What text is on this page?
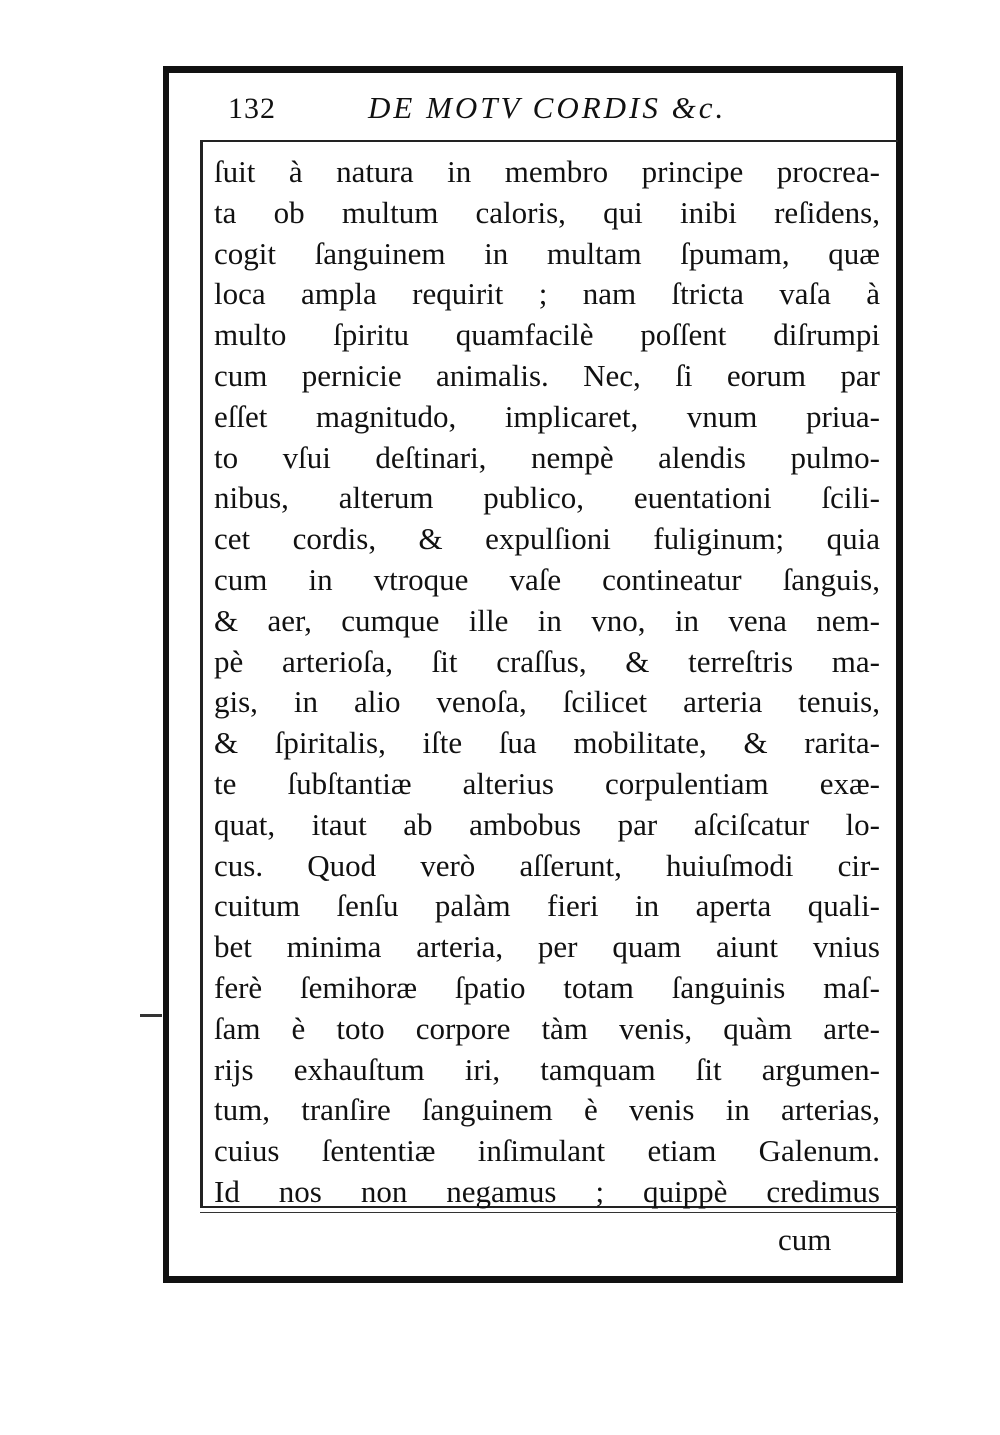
132	DE MOTV CORDIS &c.
ſuit à natura in membro principe procrea-
ta ob multum caloris, qui inibi reſidens,
cogit ſanguinem in multam ſpumam, quæ
loca ampla requirit ; nam ſtricta vaſa à
multo ſpiritu quamfacilè poſſent diſrumpi
cum pernicie animalis. Nec, ſi eorum par
eſſet magnitudo, implicaret, vnum priua-
to vſui deſtinari, nempè alendis pulmo-
nibus, alterum publico, euentationi ſcili-
cet cordis, & expulſioni fuliginum; quia
cum in vtroque vaſe contineatur ſanguis,
& aer, cumque ille in vno, in vena nem-
pè arterioſa, ſit craſſus, & terreſtris ma-
gis, in alio venoſa, ſcilicet arteria tenuis,
& ſpiritalis, iſte ſua mobilitate, & rarita-
te ſubſtantiæ alterius corpulentiam exæ-
quat, itaut ab ambobus par aſciſcatur lo-
cus. Quod verò aſſerunt, huiuſmodi cir-
cuitum ſenſu palàm fieri in aperta quali-
bet minima arteria, per quam aiunt vnius
ferè ſemihoræ ſpatio totam ſanguinis maſ-
ſam è toto corpore tàm venis, quàm arte-
rijs exhauſtum iri, tamquam ſit argumen-
tum, tranſire ſanguinem è venis in arterias,
cuius ſententiæ inſimulant etiam Galenum.
Id nos non negamus ; quippè credimus
cum
